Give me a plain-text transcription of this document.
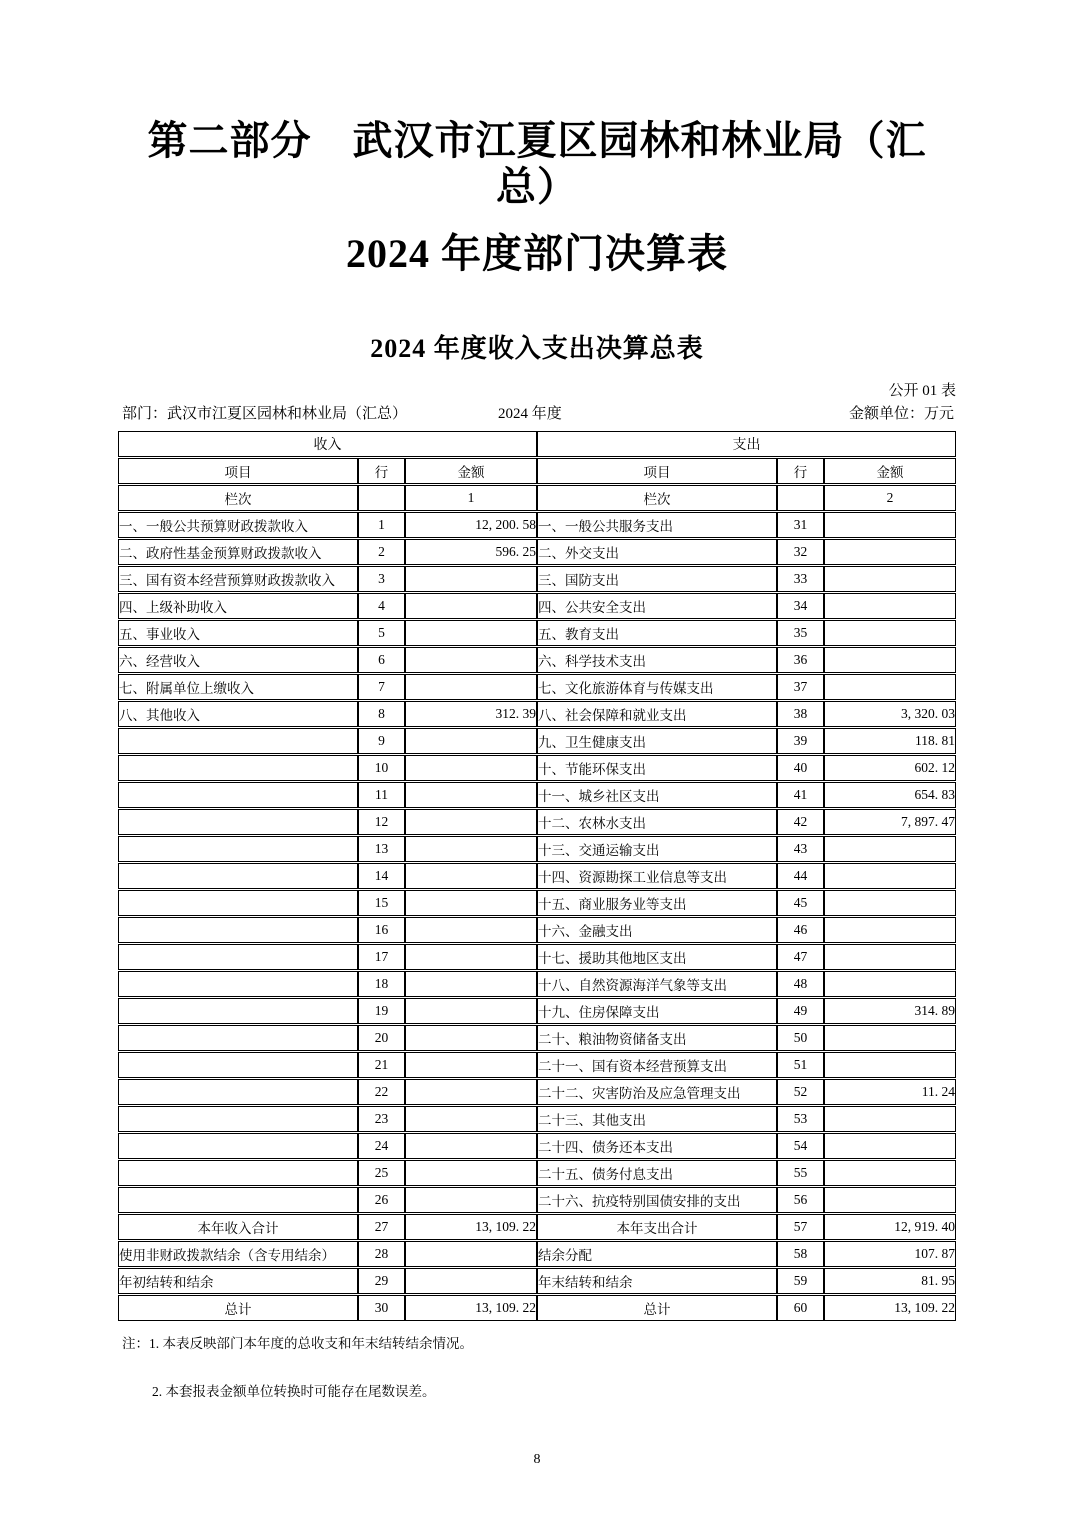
第二部分　武汉市江夏区园林和林业局（汇总）
2024 年度部门决算表
2024 年度收入支出决算总表
公开 01 表
部门：武汉市江夏区园林和林业局（汇总）	2024 年度	金额单位：万元
收入			支出		
项目	行	金额	项目	行	金额
栏次		1	栏次		2
一、一般公共预算财政拨款收入	1	12, 200. 58	一、一般公共服务支出	31	
二、政府性基金预算财政拨款收入	2	596. 25	二、外交支出	32	
三、国有资本经营预算财政拨款收入	3		三、国防支出	33	
四、上级补助收入	4		四、公共安全支出	34	
五、事业收入	5		五、教育支出	35	
六、经营收入	6		六、科学技术支出	36	
七、附属单位上缴收入	7		七、文化旅游体育与传媒支出	37	
八、其他收入	8	312. 39	八、社会保障和就业支出	38	3, 320. 03
	9		九、卫生健康支出	39	118. 81
	10		十、节能环保支出	40	602. 12
	11		十一、城乡社区支出	41	654. 83
	12		十二、农林水支出	42	7, 897. 47
	13		十三、交通运输支出	43	
	14		十四、资源勘探工业信息等支出	44	
	15		十五、商业服务业等支出	45	
	16		十六、金融支出	46	
	17		十七、援助其他地区支出	47	
	18		十八、自然资源海洋气象等支出	48	
	19		十九、住房保障支出	49	314. 89
	20		二十、粮油物资储备支出	50	
	21		二十一、国有资本经营预算支出	51	
	22		二十二、灾害防治及应急管理支出	52	11. 24
	23		二十三、其他支出	53	
	24		二十四、债务还本支出	54	
	25		二十五、债务付息支出	55	
	26		二十六、抗疫特别国债安排的支出	56	
本年收入合计	27	13, 109. 22	本年支出合计	57	12, 919. 40
使用非财政拨款结余（含专用结余）	28		结余分配	58	107. 87
年初结转和结余	29		年末结转和结余	59	81. 95
总计	30	13, 109. 22	总计	60	13, 109. 22
注：1. 本表反映部门本年度的总收支和年末结转结余情况。
2. 本套报表金额单位转换时可能存在尾数误差。
8
